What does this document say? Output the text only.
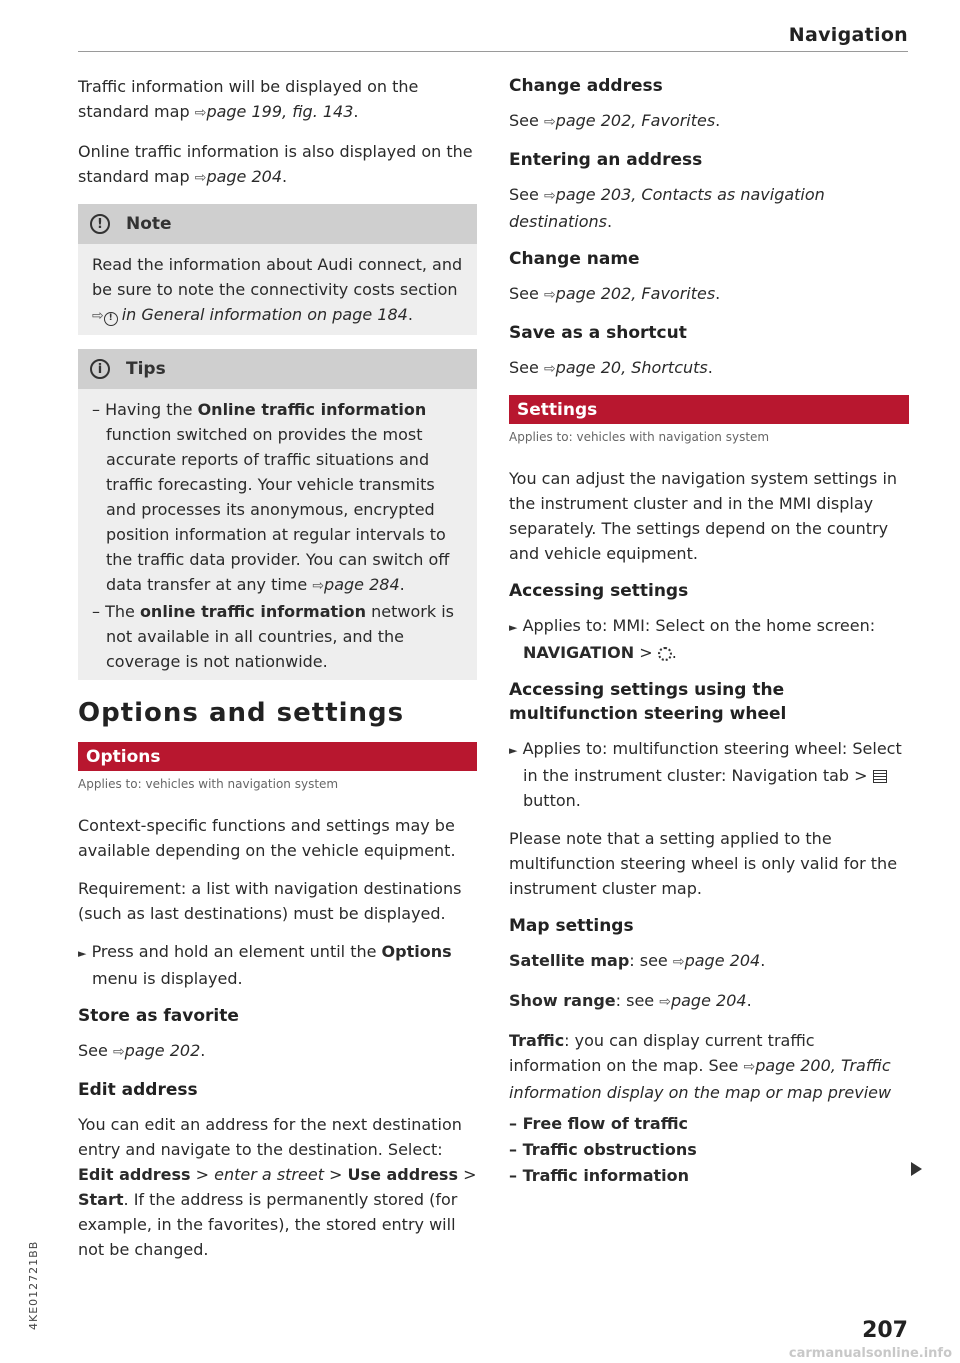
Navigation

Traffic information will be displayed on the standard map ⇨page 199, fig. 143.

Online traffic information is also displayed on the standard map ⇨page 204.

!	Note
Read the information about Audi connect, and be sure to note the connectivity costs section ⇨ ! in General information on page 184.
i	Tips

– Having the Online traffic information function switched on provides the most accurate reports of traffic situations and traffic forecasting. Your vehicle transmits and processes its anonymous, encrypted position information at regular intervals to the traffic data provider. You can switch off data transfer at any time ⇨page 284.

– The online traffic information network is not available in all countries, and the coverage is not nationwide.

Options and settings
Options
Applies to: vehicles with navigation system

Context-specific functions and settings may be available depending on the vehicle equipment.

Requirement: a list with navigation destinations (such as last destinations) must be displayed.

► Press and hold an element until the Options menu is displayed.

Store as favorite

See ⇨page 202.

Edit address

You can edit an address for the next destination entry and navigate to the destination. Select: Edit address > enter a street > Use address > Start. If the address is permanently stored (for example, in the favorites), the stored entry will not be changed.

Change address

See ⇨page 202, Favorites.

Entering an address

See ⇨page 203, Contacts as navigation destinations.

Change name

See ⇨page 202, Favorites.

Save as a shortcut

See ⇨page 20, Shortcuts.

Settings
Applies to: vehicles with navigation system

You can adjust the navigation system settings in the instrument cluster and in the MMI display separately. The settings depend on the country and vehicle equipment.

Accessing settings

► Applies to: MMI: Select on the home screen: NAVIGATION > .

Accessing settings using the multifunction steering wheel

► Applies to: multifunction steering wheel: Select in the instrument cluster: Navigation tab >  button.

Please note that a setting applied to the multifunction steering wheel is only valid for the instrument cluster map.

Map settings

Satellite map: see ⇨page 204.

Show range: see ⇨page 204.

Traffic: you can display current traffic information on the map. See ⇨page 200, Traffic information display on the map or map preview

– Free flow of traffic

– Traffic obstructions

– Traffic information

207
4KE012721BB
carmanualsonline.info
